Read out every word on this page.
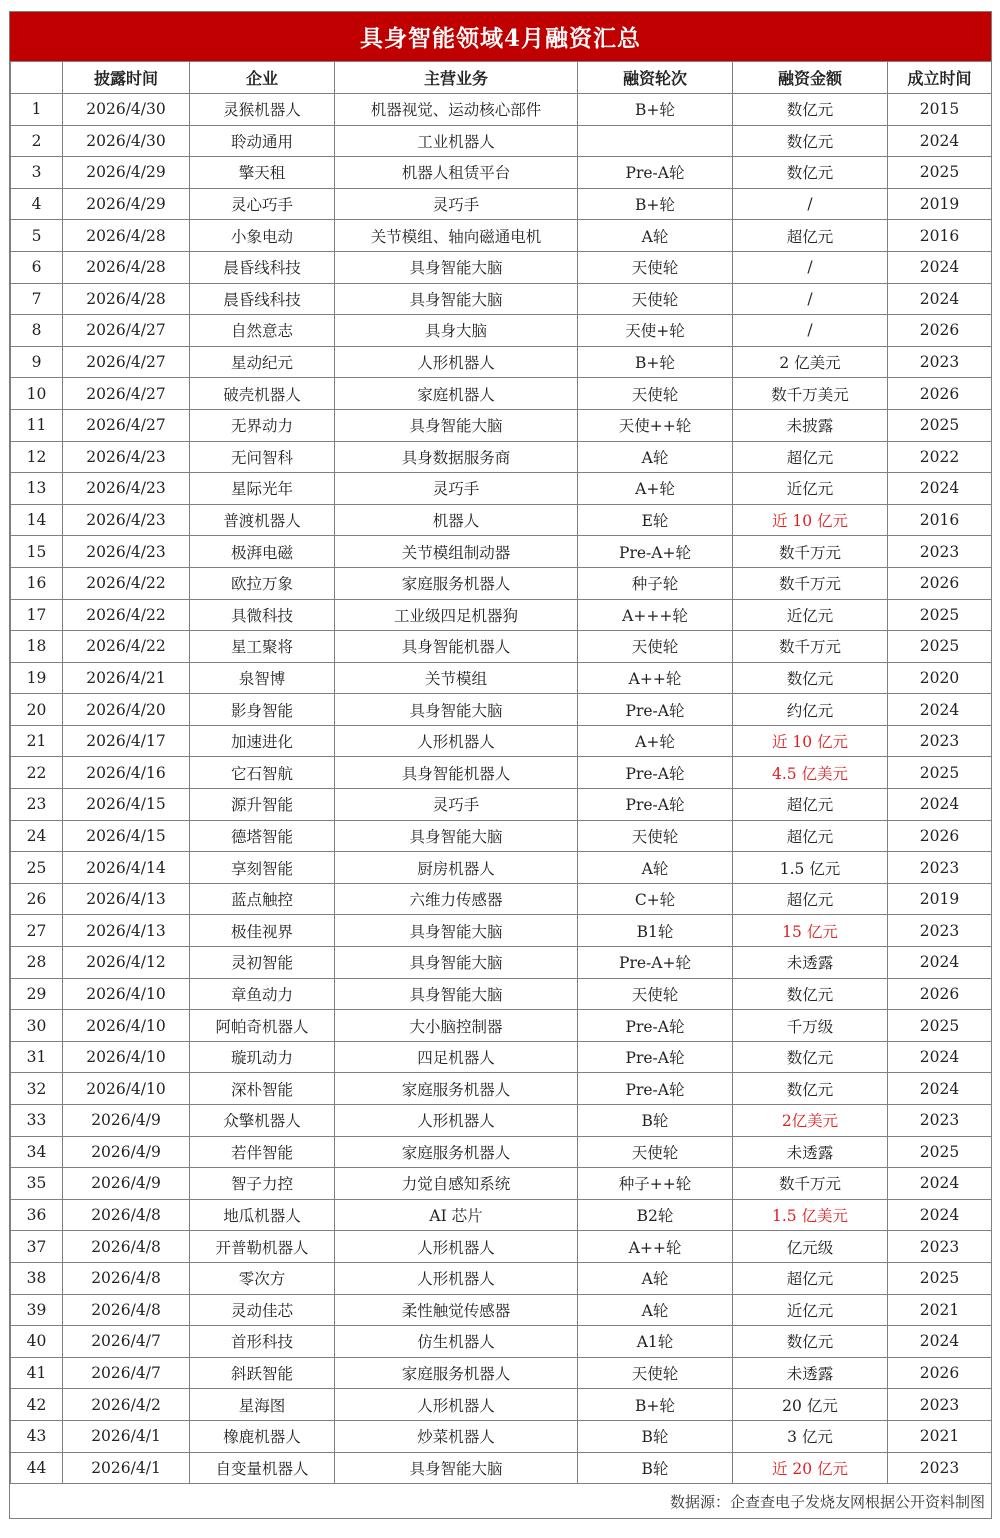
具身智能领域4月融资汇总
	披露时间	企业	主营业务	融资轮次	融资金额	成立时间
1	2026/4/30	灵猴机器人	机器视觉、运动核心部件	B+轮	数亿元	2015
2	2026/4/30	聆动通用	工业机器人		数亿元	2024
3	2026/4/29	擎天租	机器人租赁平台	Pre-A轮	数亿元	2025
4	2026/4/29	灵心巧手	灵巧手	B+轮	/	2019
5	2026/4/28	小象电动	关节模组、轴向磁通电机	A轮	超亿元	2016
6	2026/4/28	晨昏线科技	具身智能大脑	天使轮	/	2024
7	2026/4/28	晨昏线科技	具身智能大脑	天使轮	/	2024
8	2026/4/27	自然意志	具身大脑	天使+轮	/	2026
9	2026/4/27	星动纪元	人形机器人	B+轮	2 亿美元	2023
10	2026/4/27	破壳机器人	家庭机器人	天使轮	数千万美元	2026
11	2026/4/27	无界动力	具身智能大脑	天使++轮	未披露	2025
12	2026/4/23	无问智科	具身数据服务商	A轮	超亿元	2022
13	2026/4/23	星际光年	灵巧手	A+轮	近亿元	2024
14	2026/4/23	普渡机器人	机器人	E轮	近 10 亿元	2016
15	2026/4/23	极湃电磁	关节模组制动器	Pre-A+轮	数千万元	2023
16	2026/4/22	欧拉万象	家庭服务机器人	种子轮	数千万元	2026
17	2026/4/22	具微科技	工业级四足机器狗	A+++轮	近亿元	2025
18	2026/4/22	星工聚将	具身智能机器人	天使轮	数千万元	2025
19	2026/4/21	泉智博	关节模组	A++轮	数亿元	2020
20	2026/4/20	影身智能	具身智能大脑	Pre-A轮	约亿元	2024
21	2026/4/17	加速进化	人形机器人	A+轮	近 10 亿元	2023
22	2026/4/16	它石智航	具身智能机器人	Pre-A轮	4.5 亿美元	2025
23	2026/4/15	源升智能	灵巧手	Pre-A轮	超亿元	2024
24	2026/4/15	德塔智能	具身智能大脑	天使轮	超亿元	2026
25	2026/4/14	享刻智能	厨房机器人	A轮	1.5 亿元	2023
26	2026/4/13	蓝点触控	六维力传感器	C+轮	超亿元	2019
27	2026/4/13	极佳视界	具身智能大脑	B1轮	15 亿元	2023
28	2026/4/12	灵初智能	具身智能大脑	Pre-A+轮	未透露	2024
29	2026/4/10	章鱼动力	具身智能大脑	天使轮	数亿元	2026
30	2026/4/10	阿帕奇机器人	大小脑控制器	Pre-A轮	千万级	2025
31	2026/4/10	璇玑动力	四足机器人	Pre-A轮	数亿元	2024
32	2026/4/10	深朴智能	家庭服务机器人	Pre-A轮	数亿元	2024
33	2026/4/9	众擎机器人	人形机器人	B轮	2亿美元	2023
34	2026/4/9	若伴智能	家庭服务机器人	天使轮	未透露	2025
35	2026/4/9	智子力控	力觉自感知系统	种子++轮	数千万元	2024
36	2026/4/8	地瓜机器人	AI 芯片	B2轮	1.5 亿美元	2024
37	2026/4/8	开普勒机器人	人形机器人	A++轮	亿元级	2023
38	2026/4/8	零次方	人形机器人	A轮	超亿元	2025
39	2026/4/8	灵动佳芯	柔性触觉传感器	A轮	近亿元	2021
40	2026/4/7	首形科技	仿生机器人	A1轮	数亿元	2024
41	2026/4/7	斜跃智能	家庭服务机器人	天使轮	未透露	2026
42	2026/4/2	星海图	人形机器人	B+轮	20 亿元	2023
43	2026/4/1	橡鹿机器人	炒菜机器人	B轮	3 亿元	2021
44	2026/4/1	自变量机器人	具身智能大脑	B轮	近 20 亿元	2023

数据源：企查查电子发烧友网根据公开资料制图
